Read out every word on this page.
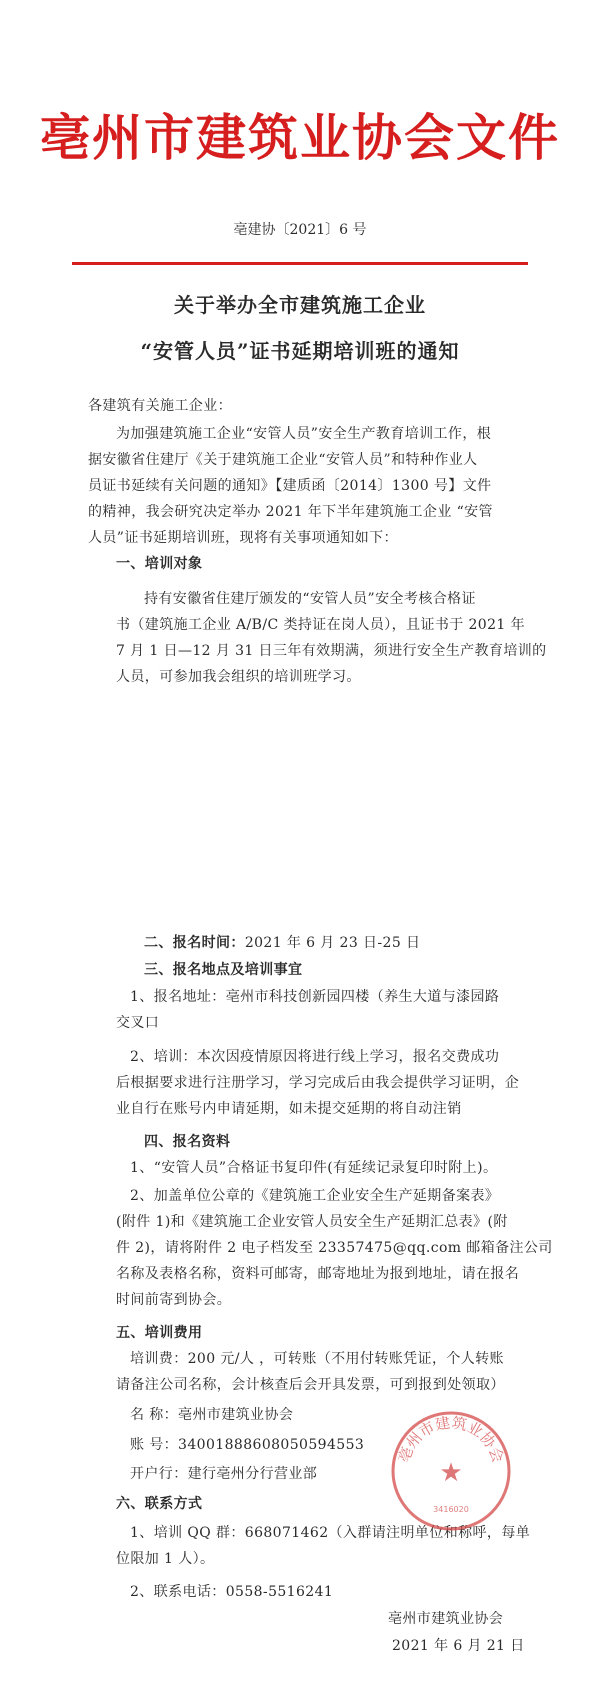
亳州市建筑业协会文件
亳建协〔2021〕6 号
关于举办全市建筑施工企业
“安管人员”证书延期培训班的通知
各建筑有关施工企业：
为加强建筑施工企业“安管人员”安全生产教育培训工作，根
据安徽省住建厅《关于建筑施工企业“安管人员”和特种作业人
员证书延续有关问题的通知》【建质函〔2014〕1300 号】文件
的精神，我会研究决定举办 2021 年下半年建筑施工企业 “安管
人员”证书延期培训班，现将有关事项通知如下：
一、培训对象
持有安徽省住建厅颁发的“安管人员”安全考核合格证
书（建筑施工企业 A/B/C 类持证在岗人员），且证书于 2021 年
7 月 1 日—12 月 31 日三年有效期满，须进行安全生产教育培训的
人员，可参加我会组织的培训班学习。
二、报名时间：2021 年 6 月 23 日-25 日
三、报名地点及培训事宜
1、报名地址：亳州市科技创新园四楼（养生大道与漆园路
交叉口
2、培训：本次因疫情原因将进行线上学习，报名交费成功
后根据要求进行注册学习，学习完成后由我会提供学习证明，企
业自行在账号内申请延期，如未提交延期的将自动注销
四、报名资料
1、“安管人员”合格证书复印件(有延续记录复印时附上)。
2、加盖单位公章的《建筑施工企业安全生产延期备案表》
(附件 1)和《建筑施工企业安管人员安全生产延期汇总表》(附
件 2)，请将附件 2 电子档发至 23357475@qq.com 邮箱备注公司
名称及表格名称，资料可邮寄，邮寄地址为报到地址，请在报名
时间前寄到协会。
五、培训费用
培训费：200 元/人 ，可转账（不用付转账凭证，个人转账
请备注公司名称，会计核查后会开具发票，可到报到处领取）
名 称：亳州市建筑业协会
账 号：34001888608050594553
开户行：建行亳州分行营业部
六、联系方式
1、培训 QQ 群：668071462（入群请注明单位和称呼，每单
位限加 1 人）。
2、联系电话：0558-5516241
亳州市建筑业协会
★
3416020
亳州市建筑业协会
2021 年 6 月 21 日
